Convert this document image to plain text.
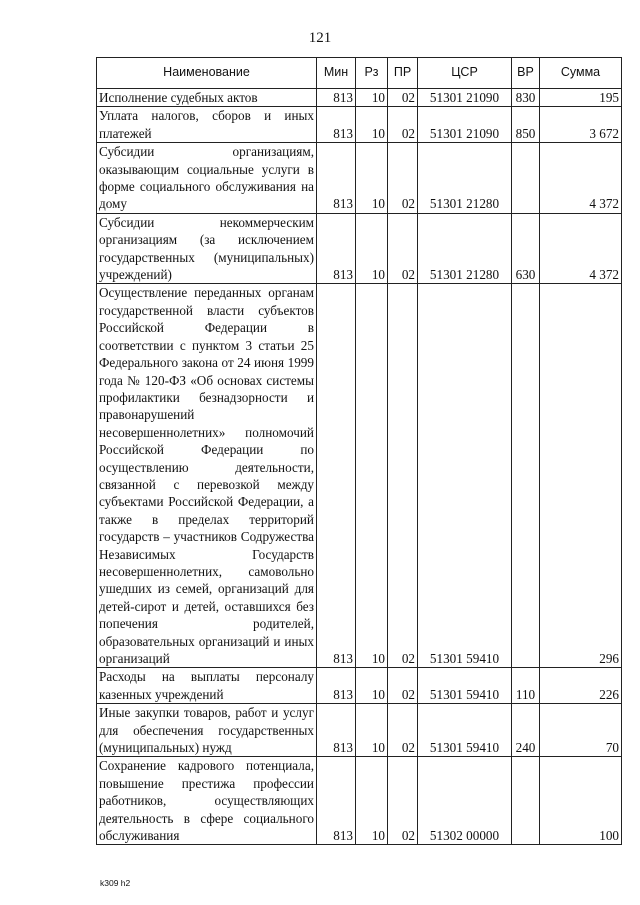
121
Наименование	Мин	Рз	ПР	ЦСР	ВР	Сумма
Исполнение судебных актов	813	10	02	51301 21090	830	195
Уплата налогов, сборов и иных платежей	813	10	02	51301 21090	850	3 672
Субсидии организациям, оказывающим социальные услуги в форме социального обслуживания на дому	813	10	02	51301 21280		4 372
Субсидии некоммерческим организациям (за исключением государственных (муниципальных) учреждений)	813	10	02	51301 21280	630	4 372
Осуществление переданных органам государственной власти субъектов Российской Федерации в соответствии с пунктом 3 статьи 25 Федерального закона от 24 июня 1999 года № 120-ФЗ «Об основах системы профилактики безнадзорности и правонарушений несовершеннолетних» полномочий Российской Федерации по осуществлению деятельности, связанной с перевозкой между субъектами Российской Федерации, а также в пределах территорий государств – участников Содружества Независимых Государств несовершеннолетних, самовольно ушедших из семей, организаций для детей-сирот и детей, оставшихся без попечения родителей, образовательных организаций и иных организаций	813	10	02	51301 59410		296
Расходы на выплаты персоналу казенных учреждений	813	10	02	51301 59410	110	226
Иные закупки товаров, работ и услуг для обеспечения государственных (муниципальных) нужд	813	10	02	51301 59410	240	70
Сохранение кадрового потенциала, повышение престижа профессии работников, осуществляющих деятельность в сфере социального обслуживания	813	10	02	51302 00000		100
k309 h2
